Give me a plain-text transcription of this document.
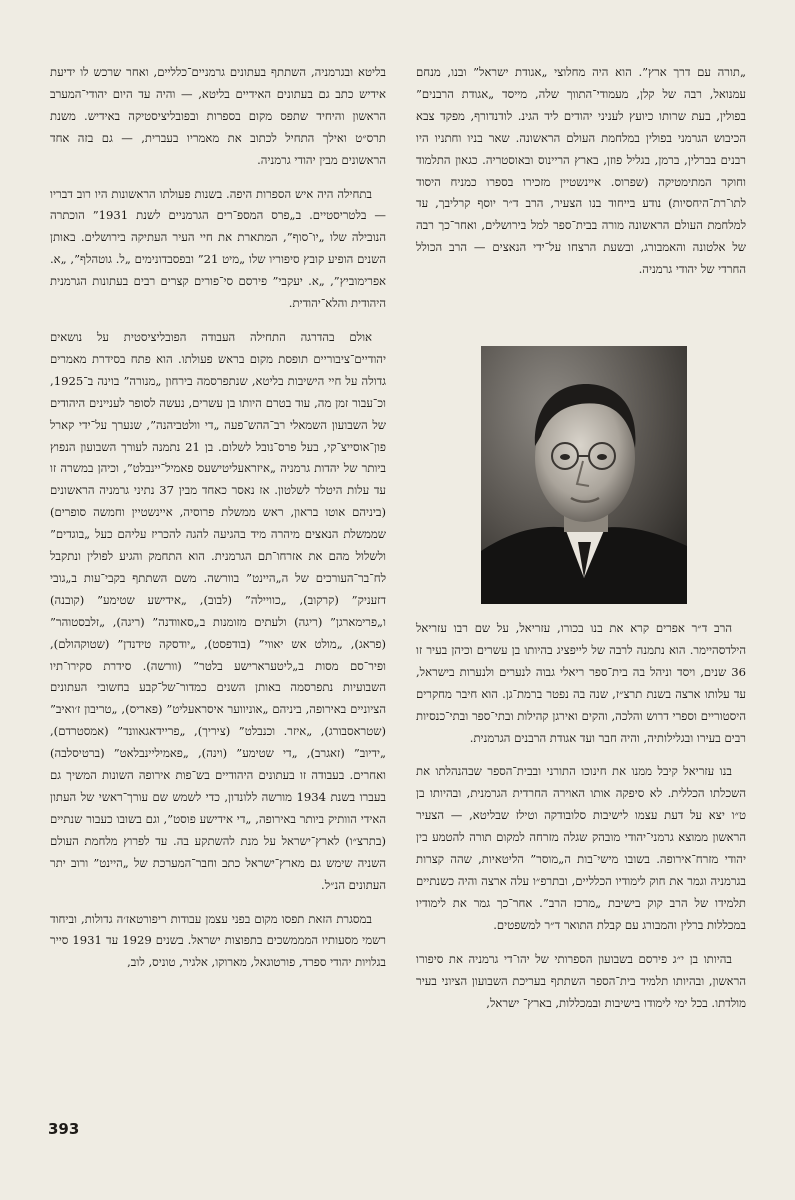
„תורה עם דרך ארץ”. הוא היה מחלוצי „אגודת ישראל” ובנו, מנחם עמנואל, רבה של קלן, מעמודי־התווך שלה, מייסד „אגודת הרבנים” בפולין, בעת שרותו כיועץ לעניני יהודים ליד הגינ. לודנדורף, מפקד צבא הכיבוש הגרמני בפולין במלחמת העולם הראשונה. שאר בניו וחתניו היו רבנים בברלין, ברמן, בגליל פוזן, בארץ הריינוס ובאוסטריה. כגאון התלמוד וחוקר המתימטיקה (שפרוס. איינשטיין מזכירו בספרו כמניח היסוד לתו־רת־היחסיות) נודע בייחוד בנו הצעיר, הרב ד״ר יוסף קרליבך, עד למלחמת העולם הראשונה מורה בבית־ספר למל בירושלים, ואחר־כך רבה של אלטונה והאמבורג, ובשעת הרצחו על־ידי הנאצים — הרב הכולל החרדי של יהודי גרמניה.

הרב ד״ר אפרים קרא את בנו בכורו, עזריאל, על שם רבו עזריאל הילדסהיימר. הוא נתמנה לרבה של לייפציג בהיותו בן עשרים וכיהן בעיר זו 36 שנים, ויסד וניהל בה בית־ספר ריאלי גבוה לנערים ולנערות בישראל, עד עלותו ארצה בשנת תרצ״ז, שנה בה נפטר ברמת־גן. הוא חיבר מחקרים היסטוריים וספרי דרוש והלכה, והקים ואירגן קהילות ובתי־ספר ובתי־כנסיות רבים בעירו ובגלילותיה, והיה חבר ועד אגודת הרבנים הגרמנית.

בנו עזריאל קיבל ממנו את חינוכו התורני ובבית־הספר שבהנהלתו את השכלתו הכללית. לא סיפקה אותו האוירה החרדית הגרמנית, ובהיותו בן ט״ו יצא על דעת עצמו לישיבות סלובודקה וטילז שבליטא, — הצעיר הראשון ממוצא גרמני־יהודי מובהק שגלה מזרחה למקום תורה להטמע בין יהודי מזרח־אירופה. בשובו מישי־בות ה„מוסר” הליטאיות, שהה קצרות בגרמניה וגמר את חוק לימודיו הכלליים, ובתרפ״ו עלה ארצה והיה כשנתיים תלמידו של הרב קוק בישיבת „מרכז הרב”. אחר־כך גמר את לימודיו במכללות ברלין והמבורג עם קבלת התואר ד״ר למשפטים.

בהיותו בן י״ג פירסם בשבועון הספרותי של יהו־די גרמניה את סיפורו הראשון, ובהיותו תלמיד בית־הספר השתתף בעריכת השבועון הציוני בעיר מולדתו. בכל ימי לימודו בישיבות ובמכללות, בארץ־ ישראל,

בליטא ובגרמניה, השתתף בעתונים גרמניים־כלליים, ואחר שרכש לו ידיעת אידיש כתב גם בעתונים האידיים בליטא, — והיה עד היום יהודי־המערב הראשון והיחיד שתפס מקום בספרות ובפובליציסטיקה באידיש. משנת תרס״ט ואילך התחיל לכתוב את מאמריו בעברית, — גם בזה אחד הראשונים מבין יהודי גרמניה.

בתחילה היה איש הספרות היפה. בשנות פעולתו הראשונות היו רוב דבריו — בלטריסטיים. ב„פרס המספ־רים הגרמניים לשנת 1931” הוכתרה הנובילה שלו „יו־סוף”, המתארת את חיי העיר העתיקה בירושלים. באותן השנים הופיע קובץ סיפוריו שלו „מיט 21” ובפסבדונימים „ל. גוטהלף”, „א. אפרימוביץ”, „א. יעקבי” פירסם סי־פורים קצרים רבים בעתונות הגרמנית היהודית והלא־יהודית.

אולם בהדרגה התחילה העבודה הפובליציסטית על נושאים יהודיים־ציבוריים תופסת מקום בראש פעולתו. הוא פתח בסידרת מאמרים גדולה על חיי הישיבות בליטא, שנתפרסמה בירחון „מנורה” בוינה ב־1925, וכ־עבור זמן מה, עוד בטרם היותו בן עשרים, נעשה לסופר לעניינים היהודים של השבועון השמאלי רב־ההש־פעה „די וולטביהנה”, שנערך על־ידי קארל פון־אוסייצ־קי, בעל פרס־נובל לשלום. בן 21 נתמנה לעורך השבועון הנפוץ ביותר של יהדות גרמניה „איזראעליטישעס פאמיל־יינבלט”, וכיהן במשרה זו עד עלות היטלר לשלטון. אז נאסר כאחד מבין 37 נתיני גרמניה הראשונים (ביניהם אוטו בראון, ראש ממשלת פרוסיה, איינשטיין וחמשה סופרים) שממשלת הנאצים מיהרה מיד בהגיעה להגה להכריז עליהם כעל „בוגדים” ולשלול מהם את אזרחו־תם הגרמנית. הוא התחמק והגיע לפולין ונתקבל לח־בר־העורכים של ה„היינט” בוורשה. משם השתתף בקבי־עות ב„גובי דזעניק” (קרקוב), „כוויילה” (לבוב), „אידישע שטימע” (קובנה) ו„פרימארגן” (ריגה) ולעתים מזומנות ב„סאוודנה” (ריגה), „זלבסטוהר” (פראג), „מולט אש יאווי” (בודפסט), „יודסקה טידנדן” (שטוקהולם), ופיר־סם מסות ב„ליטערארישע בלטר” (וורשה). סידרת סקירו־תיו השבועיות נתפרסמה באותן השנים כמדור־של־קבע בחשובי העתונים הציוניים באירופה, ביניהם „אוניווער איסראעליט” (פאריס), „טריבון ז׳ואיב” (שטראסבורג), „איזר. וכנבלט” (ציריך), „פריידאגאוונד” (אמסטרדם), „ידיוב” (זאגרב), „די שטימע” (וינה), „פאמיליינבלאט” (ברטיסלבה) ואחרים. בעבודה זו בעתונים היהודיים בש־פות אירופה השונות המשיך גם בעברו בשנת 1934 מורשה ללונדון, כדי לשמש שם עורך־ראשי של העתון האידי הוותיק ביותר באירופה, „די אידישע פוסט”, וגם בשובו כעבור שנתיים (בתרצ״ו) לארץ־ישראל על מנת להשתקע בה. עד לפרוץ מלחמת העולם השניה שימש גם מארץ־ישראל כתב וחבר־המערכת של „היינט” ורוב יתר העתונים הנ״ל.

במסגרת הזאת תפסו מקום בפני עצמן עבודות ריפורטאז׳ה גדולות, וביחוד רשמי מסעותיו המממשכים בתפוצות ישראל. בשנים 1929 עד 1931 סייר בגלויות יהודי ספרד, פורטוגאל, מארוקו, אלגיר, טוניס, לוב,

393
